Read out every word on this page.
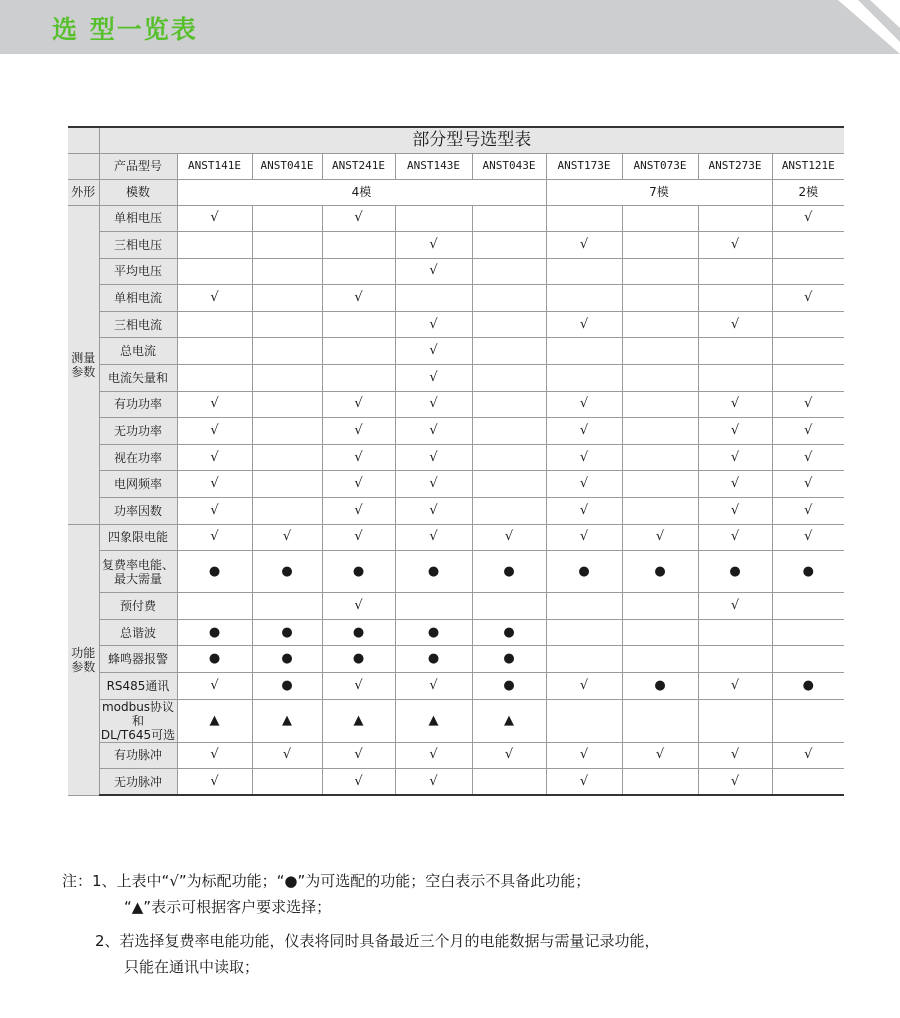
选 型一览表
	部分型号选型表									
	产品型号	ANST141E	ANST041E	ANST241E	ANST143E	ANST043E	ANST173E	ANST073E	ANST273E	ANST121E
外形	模数	4模					7模			2模
测量
参数	单相电压	√		√						√
	三相电压				√		√		√	
	平均电压				√					
	单相电流	√		√						√
	三相电流				√		√		√	
	总电流				√					
	电流矢量和				√					
	有功功率	√		√	√		√		√	√
	无功功率	√		√	√		√		√	√
	视在功率	√		√	√		√		√	√
	电网频率	√		√	√		√		√	√
	功率因数	√		√	√		√		√	√
功能
参数	四象限电能	√	√	√	√	√	√	√	√	√
	复费率电能、
最大需量	●	●	●	●	●	●	●	●	●
	预付费			√					√	
	总谐波	●	●	●	●	●				
	蜂鸣器报警	●	●	●	●	●				
	RS485通讯	√	●	√	√	●	√	●	√	●
	modbus协议和
DL/T645可选	▲	▲	▲	▲	▲				
	有功脉冲	√	√	√	√	√	√	√	√	√
	无功脉冲	√		√	√		√		√	
注：1、上表中“√”为标配功能；“●”为可选配的功能；空白表示不具备此功能；
“▲”表示可根据客户要求选择；
2、若选择复费率电能功能，仪表将同时具备最近三个月的电能数据与需量记录功能，
只能在通讯中读取；
